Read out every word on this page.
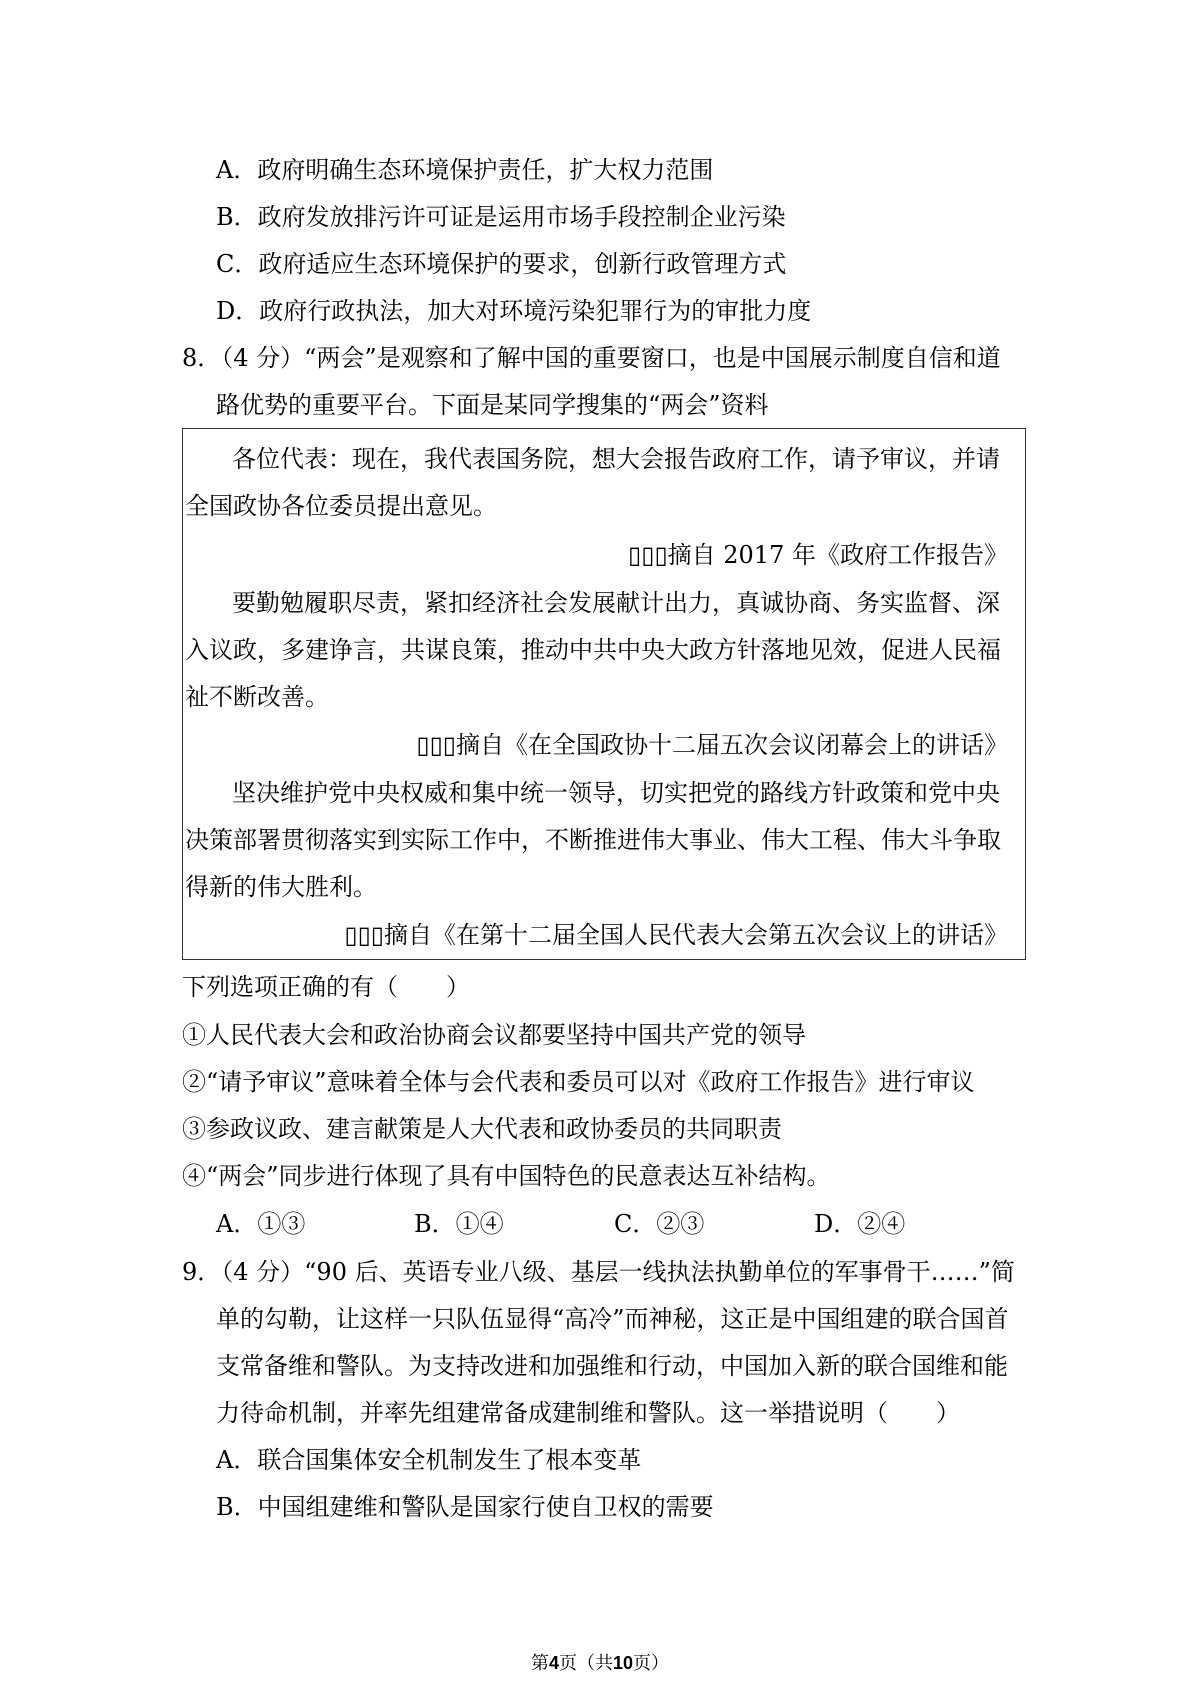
A．政府明确生态环境保护责任，扩大权力范围
B．政府发放排污许可证是运用市场手段控制企业污染
C．政府适应生态环境保护的要求，创新行政管理方式
D．政府行政执法，加大对环境污染犯罪行为的审批力度
8．（4 分）“两会”是观察和了解中国的重要窗口，也是中国展示制度自信和道
路优势的重要平台。下面是某同学搜集的“两会”资料
各位代表：现在，我代表国务院，想大会报告政府工作，请予审议，并请
全国政协各位委员提出意见。
▯▯▯摘自 2017 年《政府工作报告》
要勤勉履职尽责，紧扣经济社会发展献计出力，真诚协商、务实监督、深
入议政，多建诤言，共谋良策，推动中共中央大政方针落地见效，促进人民福
祉不断改善。
▯▯▯摘自《在全国政协十二届五次会议闭幕会上的讲话》
坚决维护党中央权威和集中统一领导，切实把党的路线方针政策和党中央
决策部署贯彻落实到实际工作中，不断推进伟大事业、伟大工程、伟大斗争取
得新的伟大胜利。
▯▯▯摘自《在第十二届全国人民代表大会第五次会议上的讲话》
下列选项正确的有（　　）
①人民代表大会和政治协商会议都要坚持中国共产党的领导
②“请予审议”意味着全体与会代表和委员可以对《政府工作报告》进行审议
③参政议政、建言献策是人大代表和政协委员的共同职责
④“两会”同步进行体现了具有中国特色的民意表达互补结构。
A．①③	B．①④	C．②③	D．②④
9．（4 分）“90 后、英语专业八级、基层一线执法执勤单位的军事骨干……”简
单的勾勒，让这样一只队伍显得“高冷”而神秘，这正是中国组建的联合国首
支常备维和警队。为支持改进和加强维和行动，中国加入新的联合国维和能
力待命机制，并率先组建常备成建制维和警队。这一举措说明（　　）
A．联合国集体安全机制发生了根本变革
B．中国组建维和警队是国家行使自卫权的需要
第4页（共10页）
